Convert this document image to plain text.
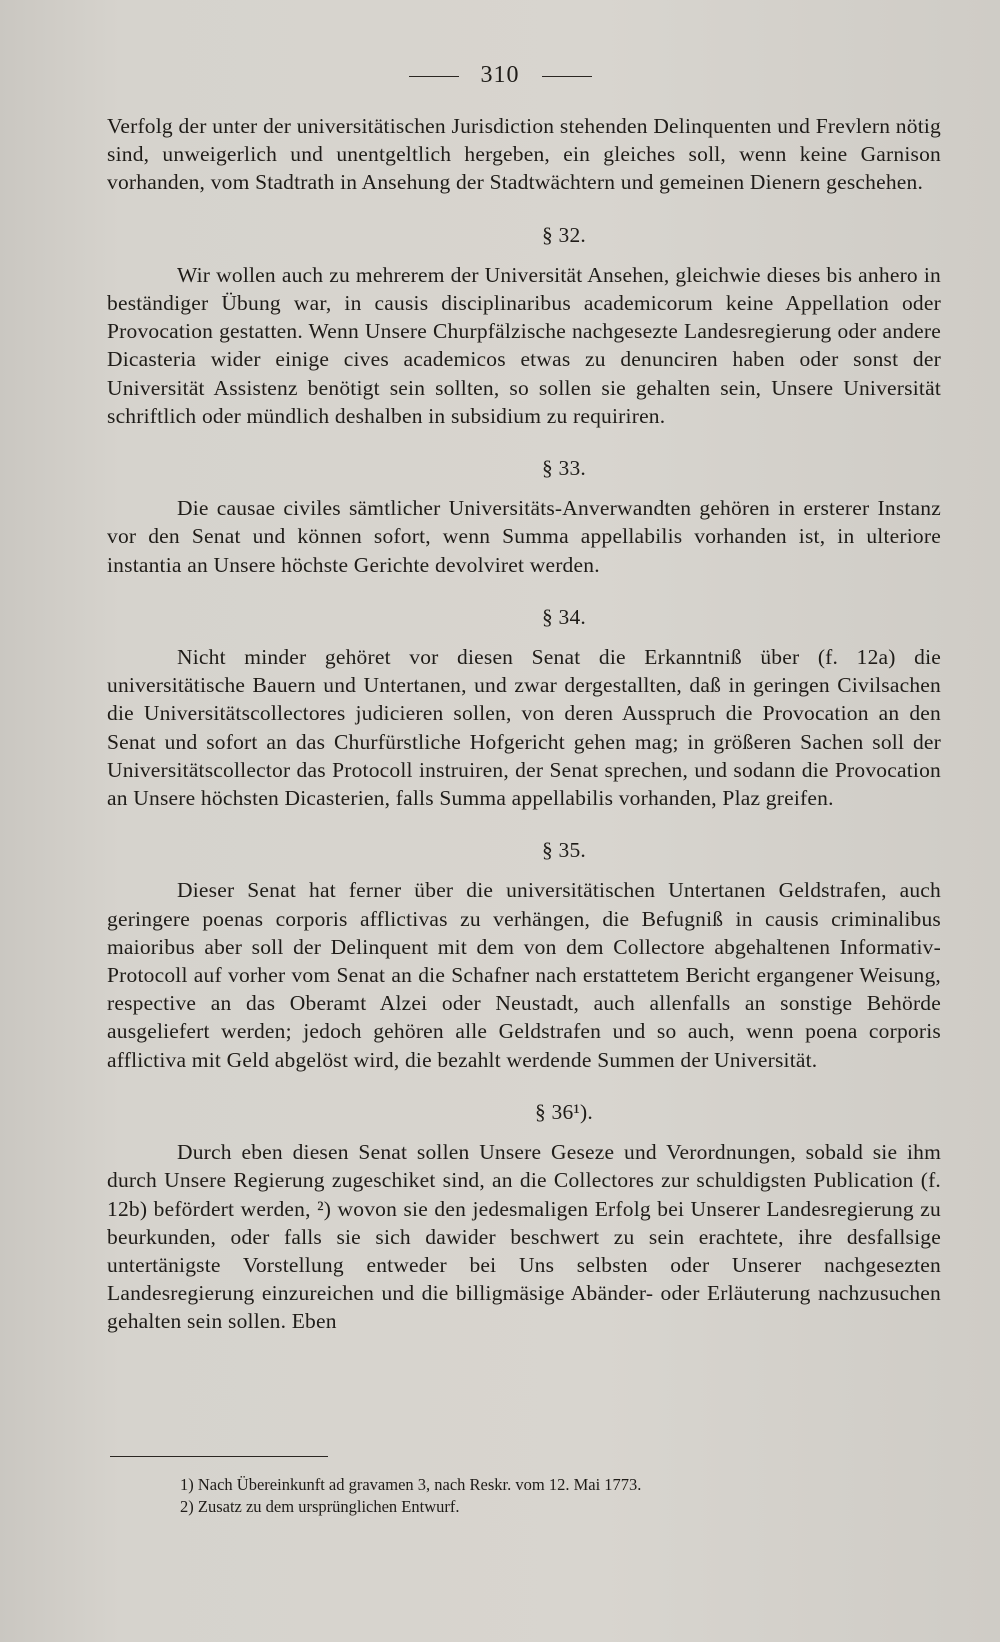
310

Verfolg der unter der universitätischen Jurisdiction stehenden Delinquenten und Frevlern nötig sind, unweigerlich und unentgeltlich hergeben, ein gleiches soll, wenn keine Garnison vorhanden, vom Stadtrath in Ansehung der Stadtwächtern und gemeinen Dienern geschehen.

§ 32.

Wir wollen auch zu mehrerem der Universität Ansehen, gleichwie dieses bis anhero in beständiger Übung war, in causis disciplinaribus academicorum keine Appellation oder Provocation gestatten. Wenn Unsere Churpfälzische nachgesezte Landesregierung oder andere Dicasteria wider einige cives academicos etwas zu denunciren haben oder sonst der Universität Assistenz benötigt sein sollten, so sollen sie gehalten sein, Unsere Universität schriftlich oder mündlich deshalben in subsidium zu requiriren.

§ 33.

Die causae civiles sämtlicher Universitäts-Anverwandten gehören in ersterer Instanz vor den Senat und können sofort, wenn Summa appellabilis vorhanden ist, in ulteriore instantia an Unsere höchste Gerichte devolviret werden.

§ 34.

Nicht minder gehöret vor diesen Senat die Erkanntniß über (f. 12a) die universitätische Bauern und Untertanen, und zwar dergestallten, daß in geringen Civilsachen die Universitätscollectores judicieren sollen, von deren Ausspruch die Provocation an den Senat und sofort an das Churfürstliche Hofgericht gehen mag; in größeren Sachen soll der Universitätscollector das Protocoll instruiren, der Senat sprechen, und sodann die Provocation an Unsere höchsten Dicasterien, falls Summa appellabilis vorhanden, Plaz greifen.

§ 35.

Dieser Senat hat ferner über die universitätischen Untertanen Geldstrafen, auch geringere poenas corporis afflictivas zu verhängen, die Befugniß in causis criminalibus maioribus aber soll der Delinquent mit dem von dem Collectore abgehaltenen Informativ-Protocoll auf vorher vom Senat an die Schafner nach erstattetem Bericht ergangener Weisung, respective an das Oberamt Alzei oder Neustadt, auch allenfalls an sonstige Behörde ausgeliefert werden; jedoch gehören alle Geldstrafen und so auch, wenn poena corporis afflictiva mit Geld abgelöst wird, die bezahlt werdende Summen der Universität.

§ 36¹).

Durch eben diesen Senat sollen Unsere Geseze und Verordnungen, sobald sie ihm durch Unsere Regierung zugeschiket sind, an die Collectores zur schuldigsten Publication (f. 12b) befördert werden, ²) wovon sie den jedesmaligen Erfolg bei Unserer Landesregierung zu beurkunden, oder falls sie sich dawider beschwert zu sein erachtete, ihre desfallsige untertänigste Vorstellung entweder bei Uns selbsten oder Unserer nachgesezten Landesregierung einzureichen und die billigmäsige Abänder- oder Erläuterung nachzusuchen gehalten sein sollen. Eben

1) Nach Übereinkunft ad gravamen 3, nach Reskr. vom 12. Mai 1773.
2) Zusatz zu dem ursprünglichen Entwurf.
